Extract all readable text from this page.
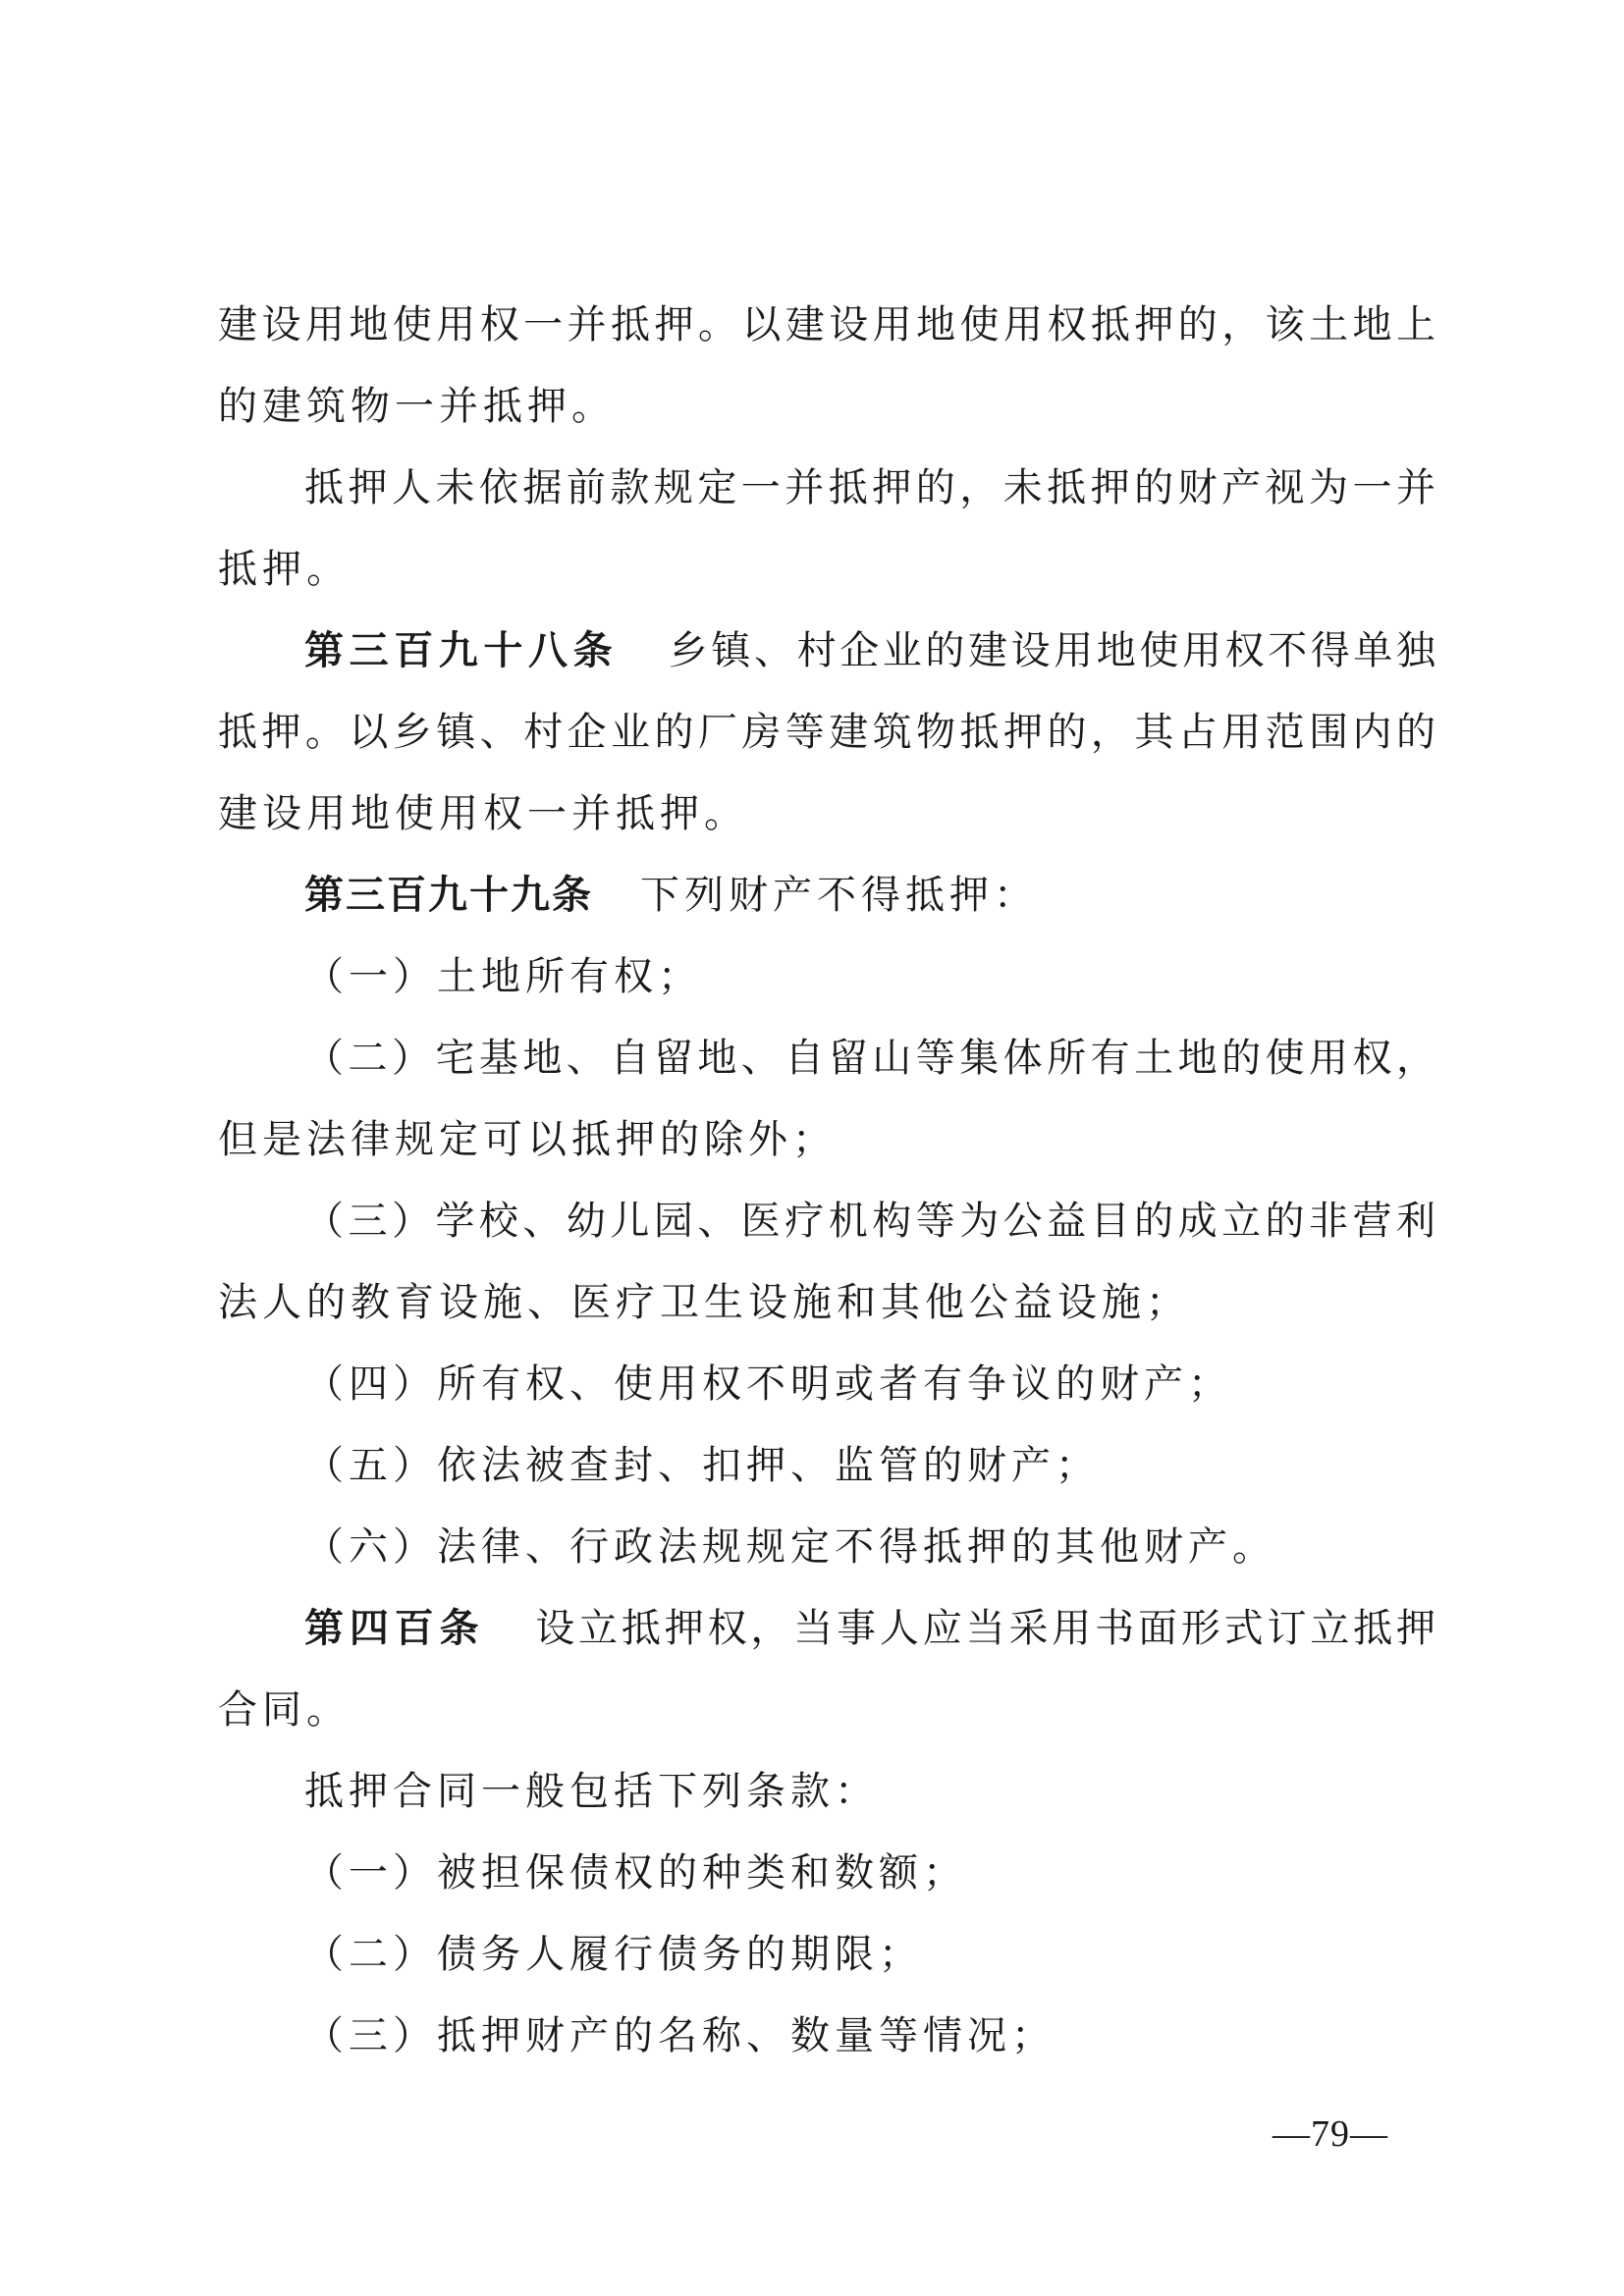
建设用地使用权一并抵押。以建设用地使用权抵押的，该土地上
的建筑物一并抵押。
抵押人未依据前款规定一并抵押的，未抵押的财产视为一并
抵押。
第三百九十八条 乡镇、村企业的建设用地使用权不得单独
抵押。以乡镇、村企业的厂房等建筑物抵押的，其占用范围内的
建设用地使用权一并抵押。
第三百九十九条 下列财产不得抵押：
（一）土地所有权；
（二）宅基地、自留地、自留山等集体所有土地的使用权，
但是法律规定可以抵押的除外；
（三）学校、幼儿园、医疗机构等为公益目的成立的非营利
法人的教育设施、医疗卫生设施和其他公益设施；
（四）所有权、使用权不明或者有争议的财产；
（五）依法被查封、扣押、监管的财产；
（六）法律、行政法规规定不得抵押的其他财产。
第四百条 设立抵押权，当事人应当采用书面形式订立抵押
合同。
抵押合同一般包括下列条款：
（一）被担保债权的种类和数额；
（二）债务人履行债务的期限；
（三）抵押财产的名称、数量等情况；
—79—
